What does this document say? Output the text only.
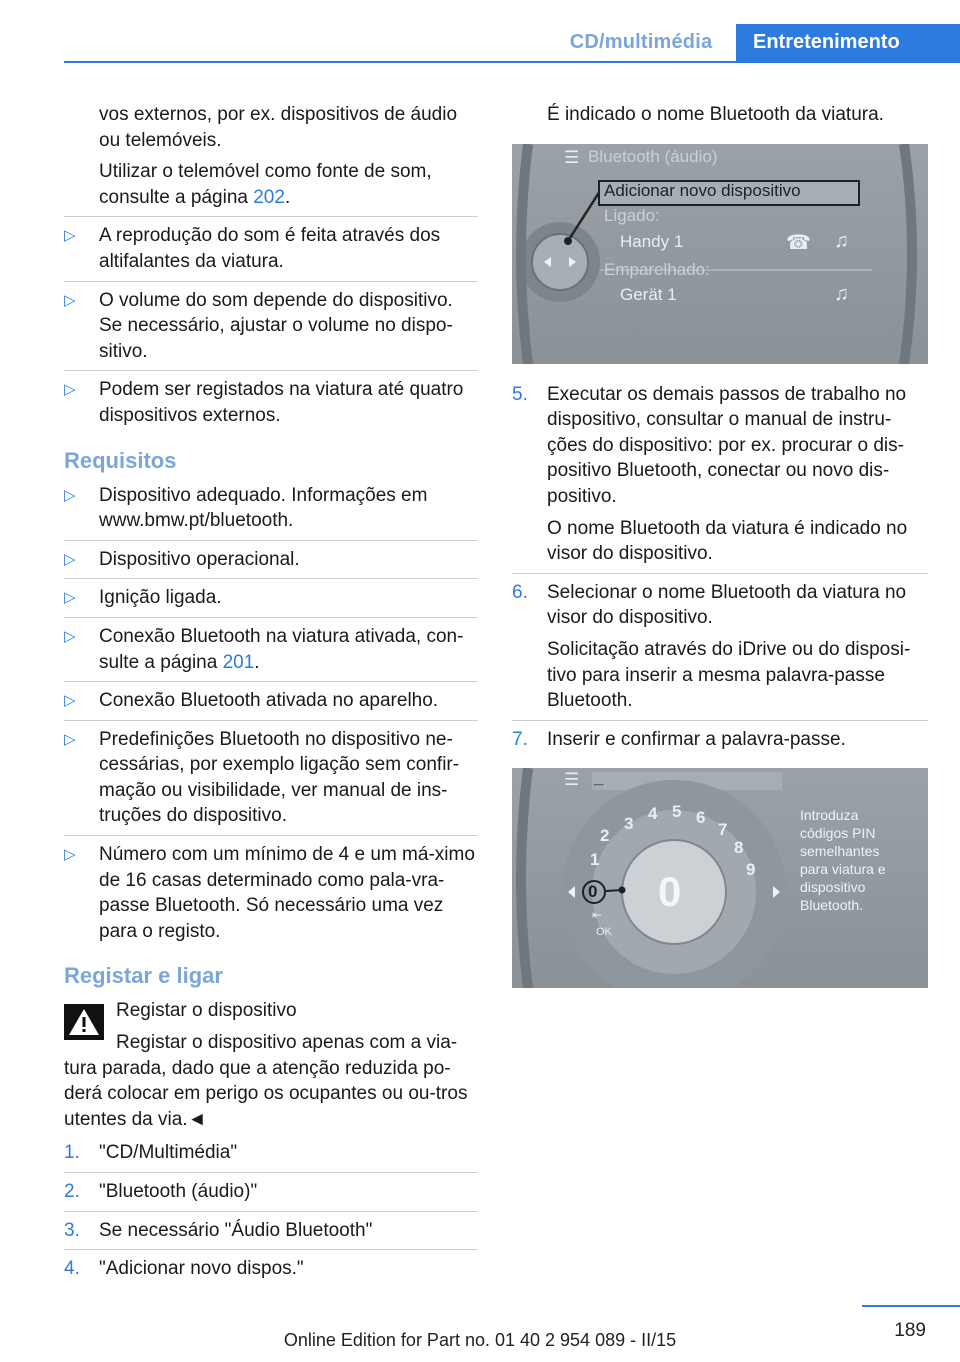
CD/multimédia	Entretenimento

vos externos, por ex. dispositivos de áudio ou telemóveis.

Utilizar o telemóvel como fonte de som, consulte a página 202.

▷ A reprodução do som é feita através dos altifalantes da viatura.
▷ O volume do som depende do dispositivo. Se necessário, ajustar o volume no dispo-sitivo.
▷ Podem ser registados na viatura até quatro dispositivos externos.
Requisitos
▷ Dispositivo adequado. Informações em www.bmw.pt/bluetooth.
▷ Dispositivo operacional.
▷ Ignição ligada.
▷ Conexão Bluetooth na viatura ativada, con-sulte a página 201.
▷ Conexão Bluetooth ativada no aparelho.
▷ Predefinições Bluetooth no dispositivo ne-cessárias, por exemplo ligação sem confir-mação ou visibilidade, ver manual de ins-truções do dispositivo.
▷ Número com um mínimo de 4 e um má-ximo de 16 casas determinado como pala-vra-passe Bluetooth. Só necessário uma vez para o registo.
Registar e ligar

Registar o dispositivo

Registar o dispositivo apenas com a via-

tura parada, dado que a atenção reduzida po-derá colocar em perigo os ocupantes ou ou-tros utentes da via.◄

1. "CD/Multimédia"
2. "Bluetooth (áudio)"
3. Se necessário "Áudio Bluetooth"
4. "Adicionar novo dispos."

É indicado o nome Bluetooth da viatura.

☰ Bluetooth (áudio)
Adicionar novo dispositivo
Ligado:
Handy 1	☎ ♫
Emparelhado:
Gerät 1	♫
5. Executar os demais passos de trabalho no dispositivo, consultar o manual de instru-ções do dispositivo: por ex. procurar o dis-positivo Bluetooth, conectar ou novo dis-positivo.

O nome Bluetooth da viatura é indicado no visor do dispositivo.

6. Selecionar o nome Bluetooth da viatura no visor do dispositivo.

Solicitação através do iDrive ou do disposi-tivo para inserir a mesma palavra-passe Bluetooth.

7. Inserir e confirmar a palavra-passe.
☰ _
1
2
3
4 5 6
7
8
9
0 0
⇤
OK
Introduza códigos PIN semelhantes para viatura e dispositivo Bluetooth.
189
Online Edition for Part no. 01 40 2 954 089 - II/15
